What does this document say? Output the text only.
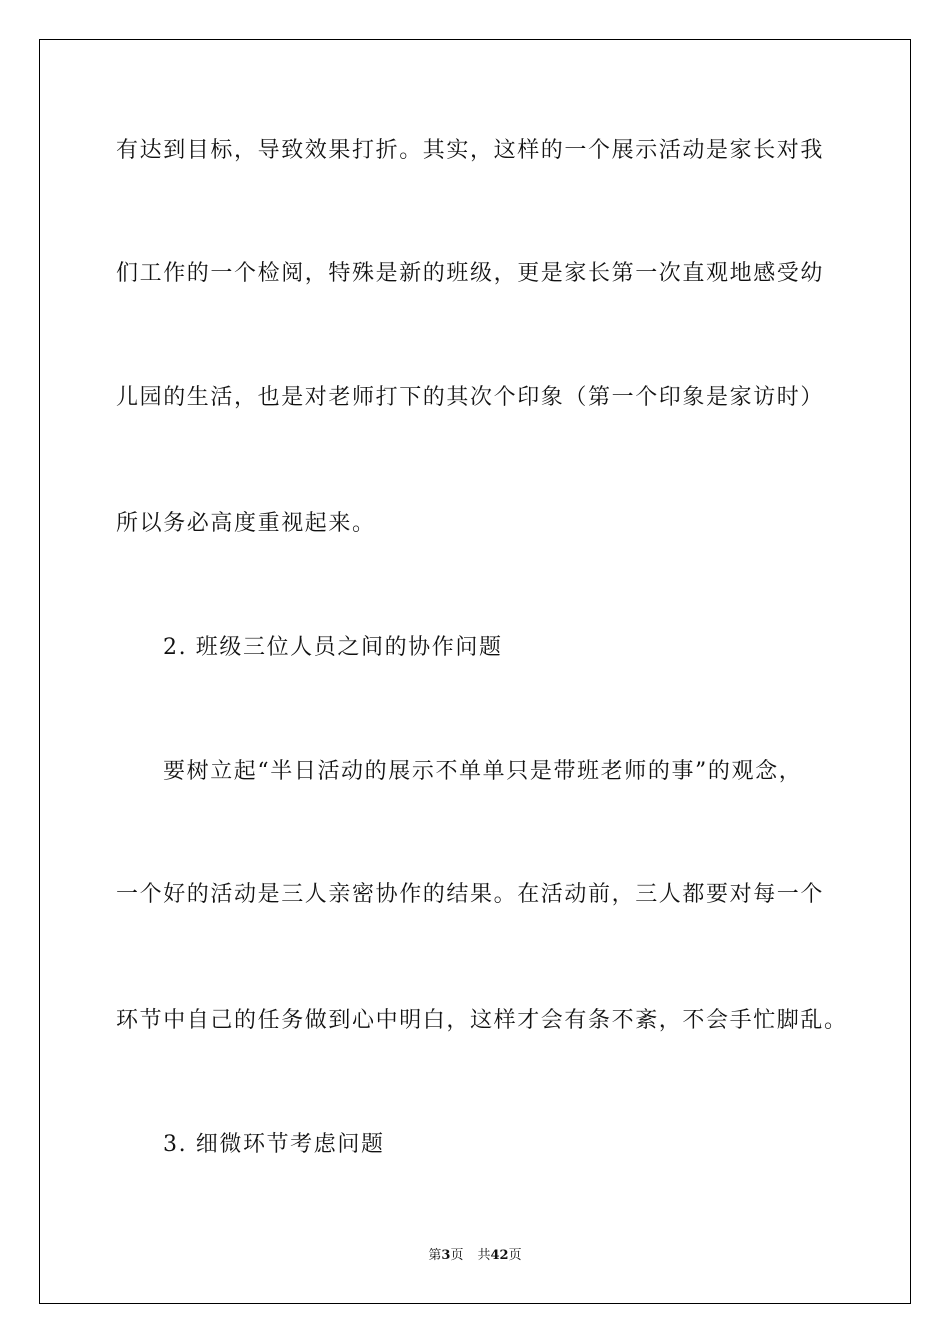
有达到目标，导致效果打折。其实，这样的一个展示活动是家长对我
们工作的一个检阅，特殊是新的班级，更是家长第一次直观地感受幼
儿园的生活，也是对老师打下的其次个印象（第一个印象是家访时）
所以务必高度重视起来。
2. 班级三位人员之间的协作问题
要树立起“半日活动的展示不单单只是带班老师的事”的观念，
一个好的活动是三人亲密协作的结果。在活动前，三人都要对每一个
环节中自己的任务做到心中明白，这样才会有条不紊，不会手忙脚乱。
3. 细微环节考虑问题
第3页 共42页
